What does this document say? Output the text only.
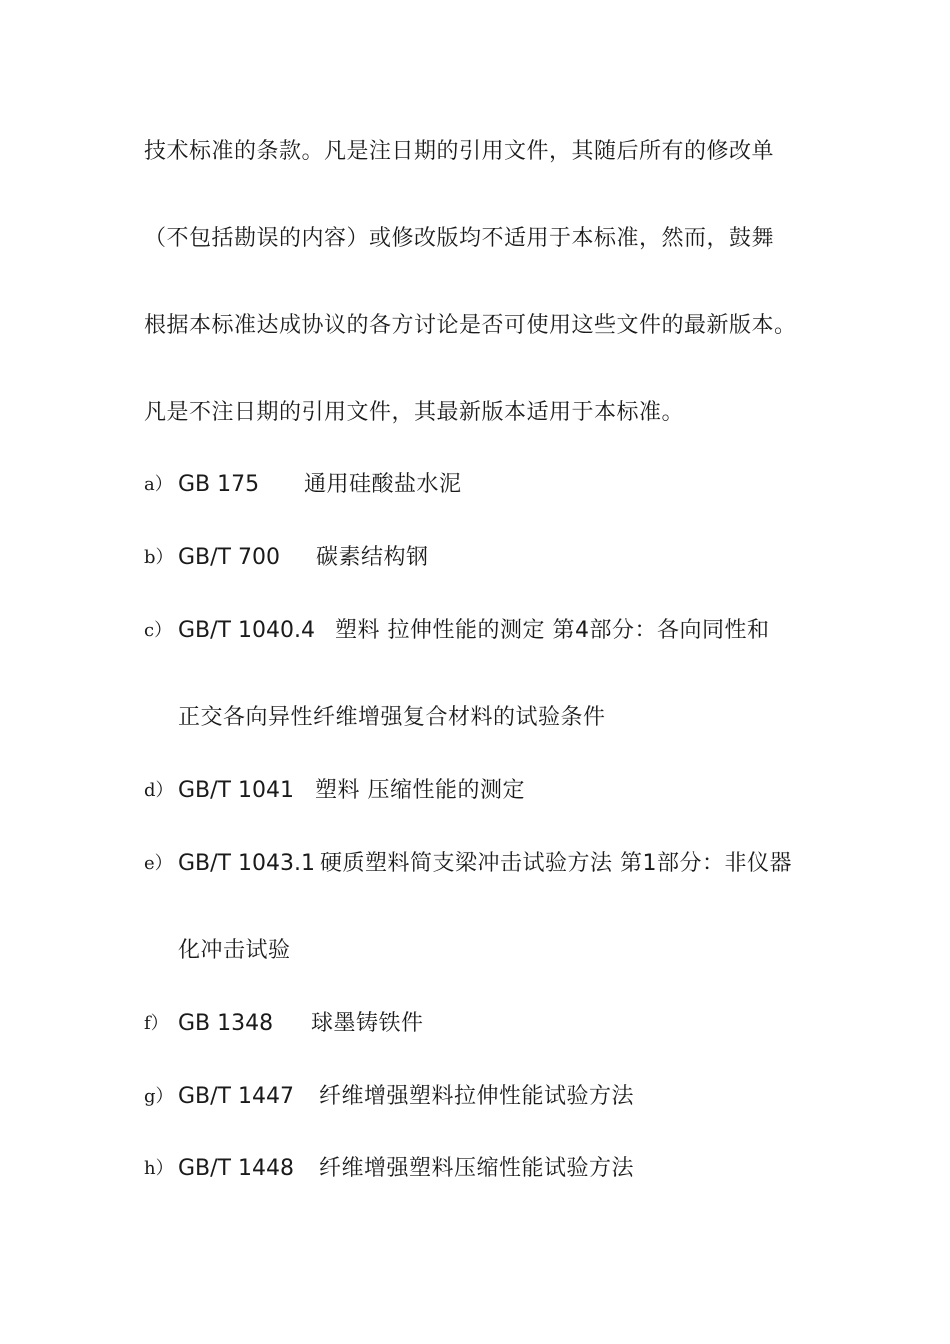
技术标准的条款。凡是注日期的引用文件，其随后所有的修改单
（不包括勘误的内容）或修改版均不适用于本标准，然而，鼓舞
根据本标准达成协议的各方讨论是否可使用这些文件的最新版本。
凡是不注日期的引用文件，其最新版本适用于本标准。
a） GB 175 通用硅酸盐水泥
b） GB/T 700 碳素结构钢
c） GB/T 1040.4 塑料 拉伸性能的测定 第4部分：各向同性和
正交各向异性纤维增强复合材料的试验条件
d） GB/T 1041 塑料 压缩性能的测定
e） GB/T 1043.1 硬质塑料简支梁冲击试验方法 第1部分：非仪器
化冲击试验
f） GB 1348 球墨铸铁件
g） GB/T 1447 纤维增强塑料拉伸性能试验方法
h） GB/T 1448 纤维增强塑料压缩性能试验方法
